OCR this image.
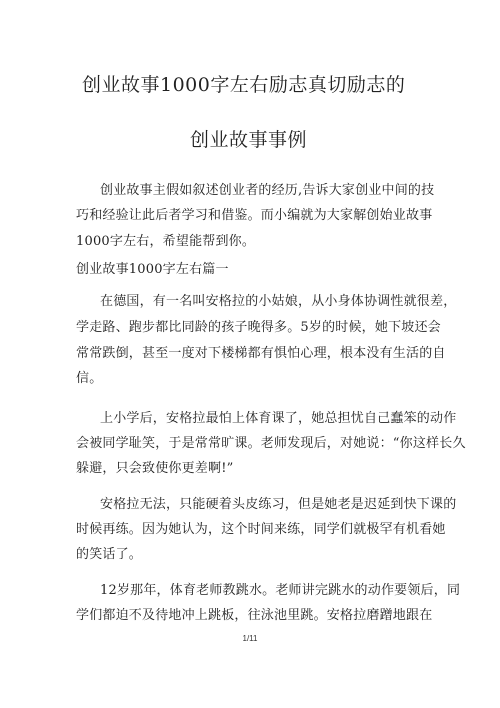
创业故事1000字左右励志真切励志的
创业故事事例
创业故事主假如叙述创业者的经历,告诉大家创业中间的技
巧和经验让此后者学习和借鉴。而小编就为大家解创始业故事
1000字左右，希望能帮到你。
创业故事1000字左右篇一
在德国，有一名叫安格拉的小姑娘，从小身体协调性就很差，
学走路、跑步都比同龄的孩子晚得多。5岁的时候，她下坡还会
常常跌倒，甚至一度对下楼梯都有惧怕心理，根本没有生活的自
信。
上小学后，安格拉最怕上体育课了，她总担忧自己蠢笨的动作
会被同学耻笑，于是常常旷课。老师发现后，对她说：“你这样长久
躲避，只会致使你更差啊!”
安格拉无法，只能硬着头皮练习，但是她老是迟延到快下课的
时候再练。因为她认为，这个时间来练，同学们就极罕有机看她
的笑话了。
12岁那年，体育老师教跳水。老师讲完跳水的动作要领后，同
学们都迫不及待地冲上跳板，往泳池里跳。安格拉磨蹭地跟在
1/11
